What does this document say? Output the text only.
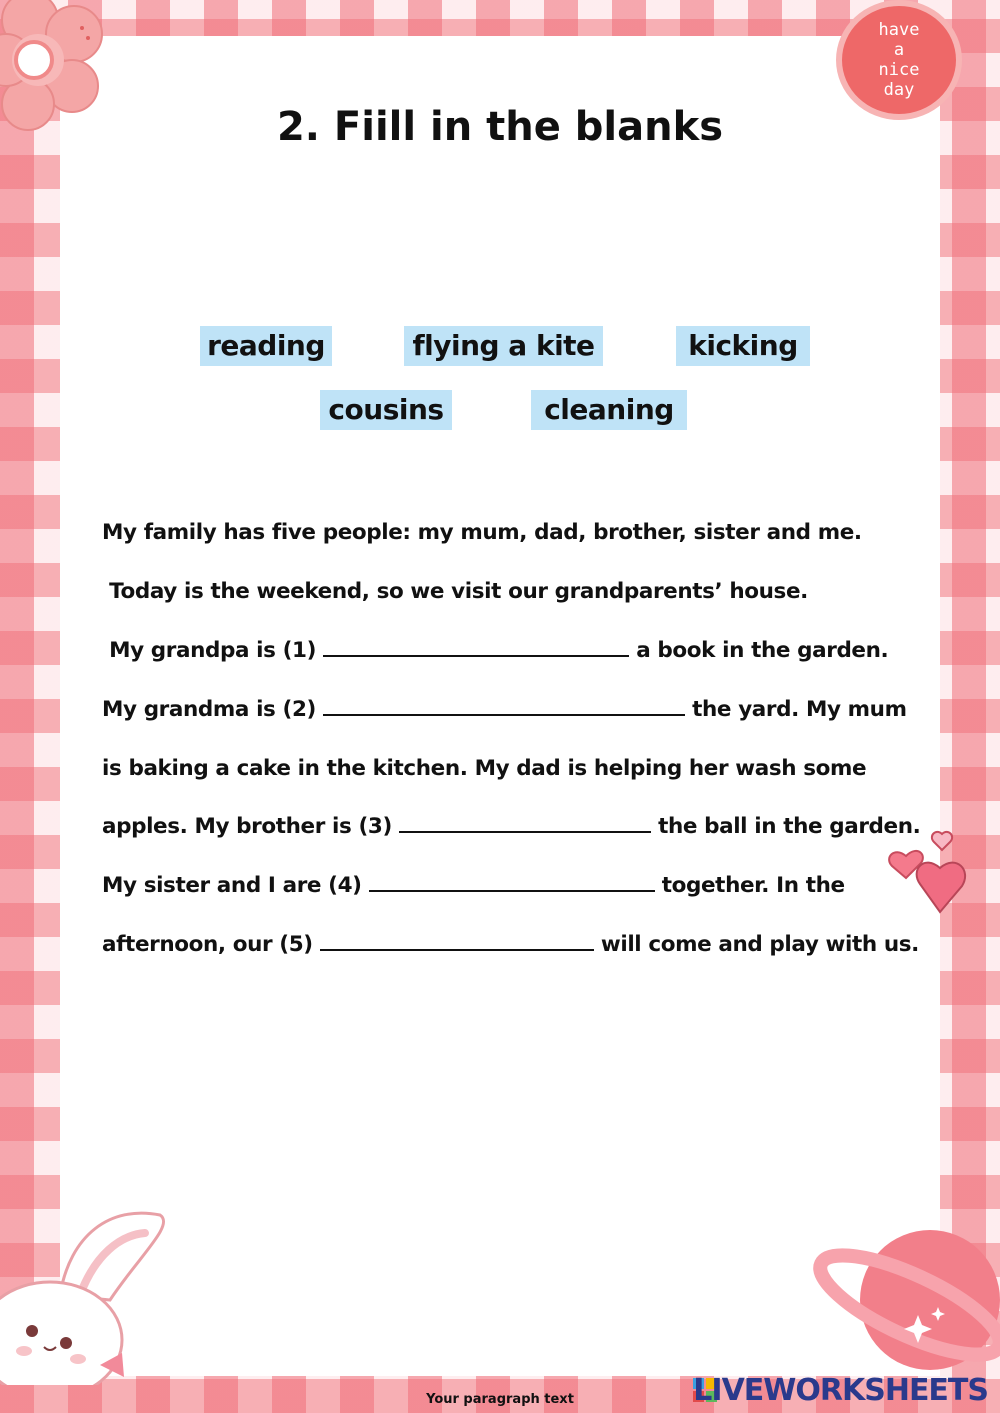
have
a
nice
day
2. Fiill in the blanks
reading	flying a kite	kicking
cousins	cleaning
My family has five people: my mum, dad, brother, sister and me.
Today is the weekend, so we visit our grandparents’ house.
My grandpa is (1)	a book in the garden.
My grandma is (2)	the yard. My mum
is baking a cake in the kitchen. My dad is helping her wash some
apples. My brother is (3)	the ball in the garden.
My sister and I are (4)	together. In the
afternoon, our (5)	will come and play with us.
Your paragraph text	LIVEWORKSHEETS
